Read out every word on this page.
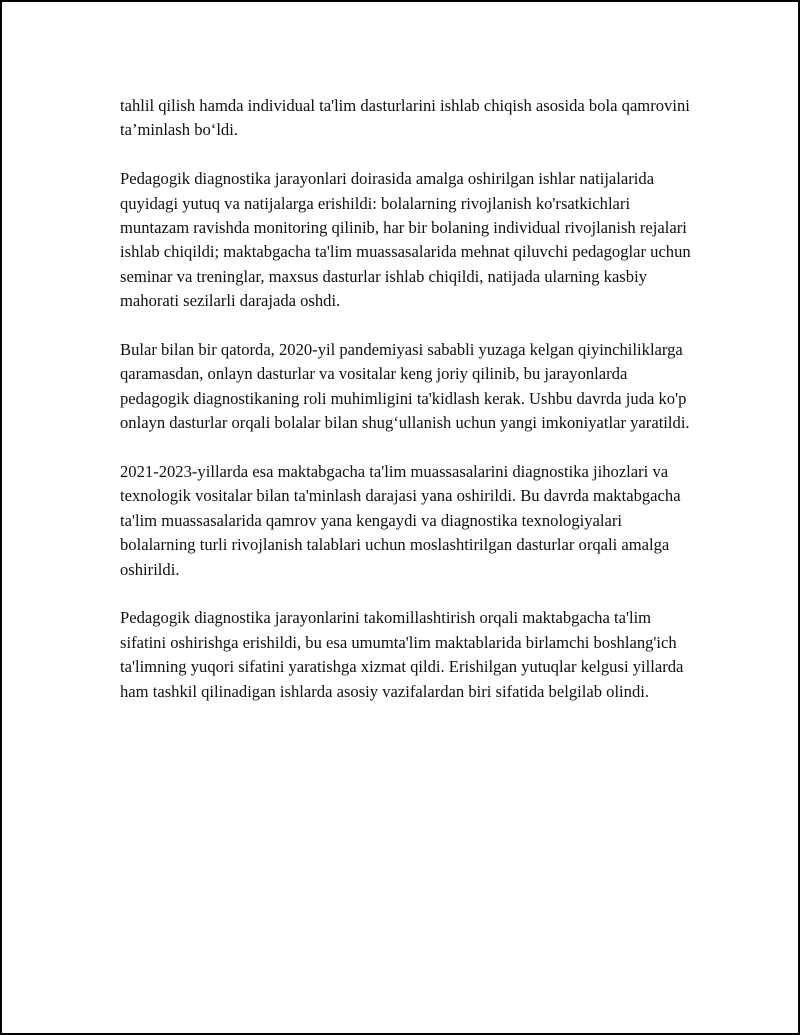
tahlil qilish hamda individual ta'lim dasturlarini ishlab chiqish asosida bola qamrovini ta’minlash bo‘ldi.

Pedagogik diagnostika jarayonlari doirasida amalga oshirilgan ishlar natijalarida quyidagi yutuq va natijalarga erishildi: bolalarning rivojlanish ko'rsatkichlari muntazam ravishda monitoring qilinib, har bir bolaning individual rivojlanish rejalari ishlab chiqildi; maktabgacha ta'lim muassasalarida mehnat qiluvchi pedagoglar uchun seminar va treninglar, maxsus dasturlar ishlab chiqildi, natijada ularning kasbiy mahorati sezilarli darajada oshdi.

Bular bilan bir qatorda, 2020-yil pandemiyasi sababli yuzaga kelgan qiyinchiliklarga qaramasdan, onlayn dasturlar va vositalar keng joriy qilinib, bu jarayonlarda pedagogik diagnostikaning roli muhimligini ta'kidlash kerak. Ushbu davrda juda ko'p onlayn dasturlar orqali bolalar bilan shug‘ullanish uchun yangi imkoniyatlar yaratildi.

2021-2023-yillarda esa maktabgacha ta'lim muassasalarini diagnostika jihozlari va texnologik vositalar bilan ta'minlash darajasi yana oshirildi. Bu davrda maktabgacha ta'lim muassasalarida qamrov yana kengaydi va diagnostika texnologiyalari bolalarning turli rivojlanish talablari uchun moslashtirilgan dasturlar orqali amalga oshirildi.

Pedagogik diagnostika jarayonlarini takomillashtirish orqali maktabgacha ta'lim sifatini oshirishga erishildi, bu esa umumta'lim maktablarida birlamchi boshlang'ich ta'limning yuqori sifatini yaratishga xizmat qildi. Erishilgan yutuqlar kelgusi yillarda ham tashkil qilinadigan ishlarda asosiy vazifalardan biri sifatida belgilab olindi.
